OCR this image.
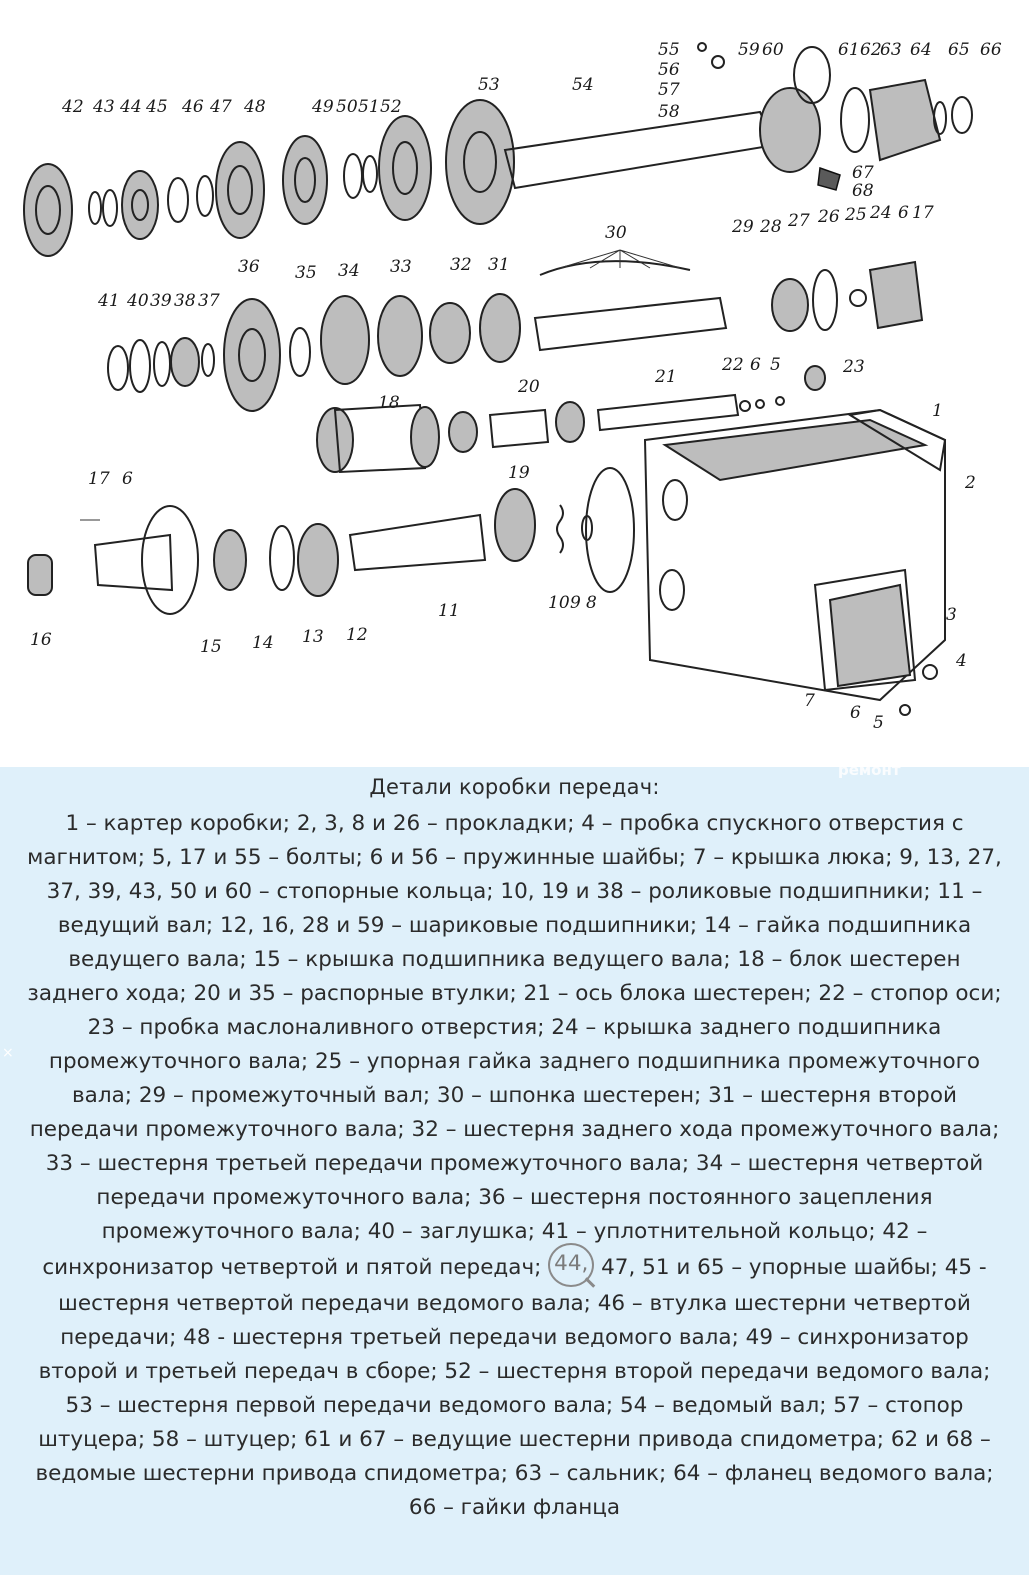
42 43 44 45 46 47 48	49 50 51 52
53	54
55
56
57
58
59 60	61 62
63 64 65 66
67
68
30	29 28 27 26 25 24 6 17
36 35 34 33 32 31
41 40 39 38 37
20	21
22 6 5	23
18
19
1
2
3
4
7
6 5
17 6
16	15 14 13 12
11	10 9 8
ремонт
×
Детали коробки передач:
1 – картер коробки; 2, 3, 8 и 26 – прокладки; 4 – пробка спускного отверстия с магнитом; 5, 17 и 55 – болты; 6 и 56 – пружинные шайбы; 7 – крышка люка; 9, 13, 27, 37, 39, 43, 50 и 60 – стопорные кольца; 10, 19 и 38 – роликовые подшипники; 11 – ведущий вал; 12, 16, 28 и 59 – шариковые подшипники; 14 – гайка подшипника ведущего вала; 15 – крышка подшипника ведущего вала; 18 – блок шестерен заднего хода; 20 и 35 – распорные втулки; 21 – ось блока шестерен; 22 – стопор оси; 23 – пробка маслоналивного отверстия; 24 – крышка заднего подшипника промежуточного вала; 25 – упорная гайка заднего подшипника промежуточного вала; 29 – промежуточный вал; 30 – шпонка шестерен; 31 – шестерня второй передачи промежуточного вала; 32 – шестерня заднего хода промежуточного вала; 33 – шестерня третьей передачи промежуточного вала; 34 – шестерня четвертой передачи промежуточного вала; 36 – шестерня постоянного зацепления промежуточного вала; 40 – заглушка; 41 – уплотнительной кольцо; 42 – синхронизатор четвертой и пятой передач; 44, 47, 51 и 65 – упорные шайбы; 45 - шестерня четвертой передачи ведомого вала; 46 – втулка шестерни четвертой передачи; 48 - шестерня третьей передачи ведомого вала; 49 – синхронизатор второй и третьей передач в сборе; 52 – шестерня второй передачи ведомого вала; 53 – шестерня первой передачи ведомого вала; 54 – ведомый вал; 57 – стопор штуцера; 58 – штуцер; 61 и 67 – ведущие шестерни привода спидометра; 62 и 68 – ведомые шестерни привода спидометра; 63 – сальник; 64 – фланец ведомого вала; 66 – гайки фланца
